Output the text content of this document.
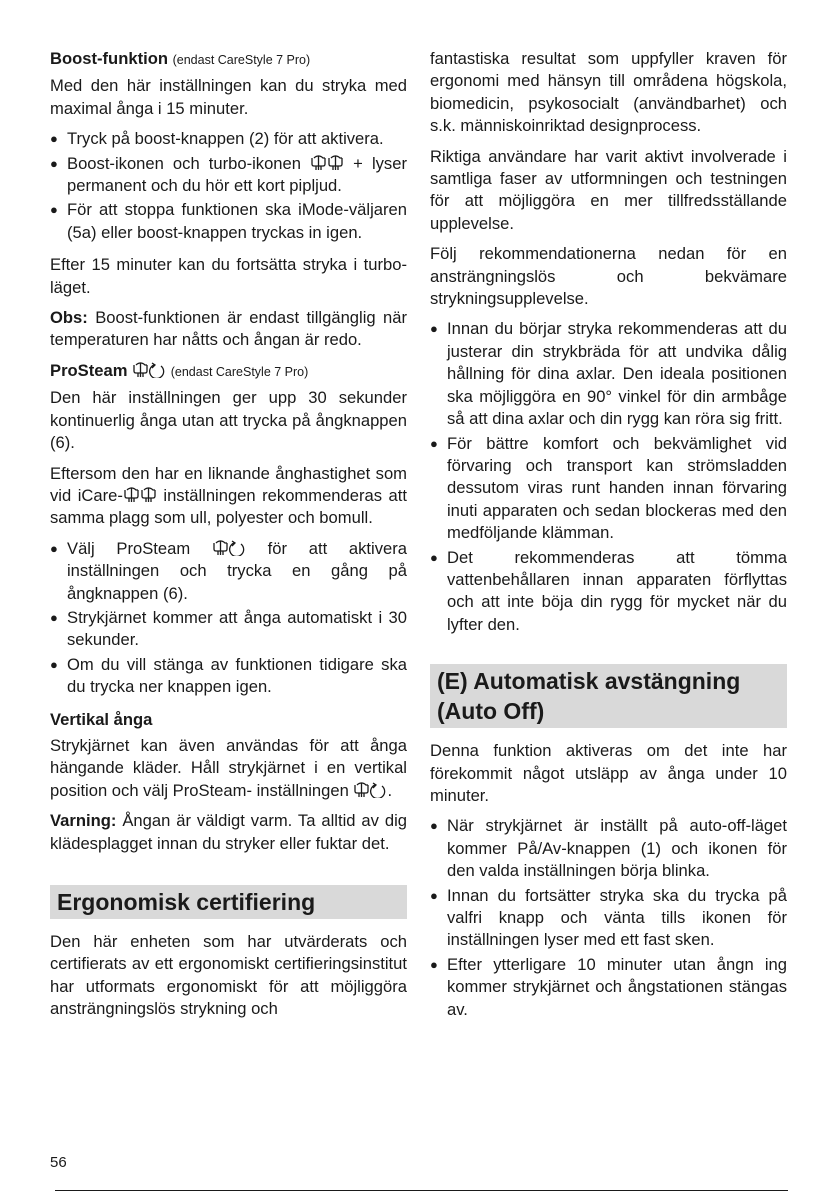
Boost-funktion (endast CareStyle 7 Pro)

Med den här inställningen kan du stryka med maximal ånga i 15 minuter.

● Tryck på boost-knappen (2) för att aktivera.
● Boost-ikonen och turbo-ikonen	+ lyser permanent och du hör ett kort pipljud.
● För att stoppa funktionen ska iMode-väljaren (5a) eller boost-knappen tryckas in igen.

Efter 15 minuter kan du fortsätta stryka i turbo-läget.

Obs: Boost-funktionen är endast tillgänglig när temperaturen har nåtts och ångan är redo.

ProSteam	(endast CareStyle 7 Pro)

Den här inställningen ger upp 30 sekunder kontinuerlig ånga utan att trycka på ångknappen (6).

Eftersom den har en liknande ånghastighet som vid iCare- inställningen rekommenderas att samma plagg som ull, polyester och bomull.

● Välj ProSteam	för att aktivera inställningen och trycka en gång på ångknappen (6).
● Strykjärnet kommer att ånga automatiskt i 30 sekunder.
● Om du vill stänga av funktionen tidigare ska du trycka ner knappen igen.

Vertikal ånga

Strykjärnet kan även användas för att ånga hängande kläder. Håll strykjärnet i en vertikal position och välj ProSteam- inställningen .

Varning: Ångan är väldigt varm. Ta alltid av dig klädesplagget innan du stryker eller fuktar det.

Ergonomisk certifiering

Den här enheten som har utvärderats och certifierats av ett ergonomiskt certifieringsinstitut har utformats ergonomiskt för att möjliggöra ansträngningslös strykning och

fantastiska resultat som uppfyller kraven för ergonomi med hänsyn till områdena högskola, biomedicin, psykosocialt (användbarhet) och s.k. människoinriktad designprocess.

Riktiga användare har varit aktivt involverade i samtliga faser av utformningen och testningen för att möjliggöra en mer tillfredsställande upplevelse.

Följ rekommendationerna nedan för en ansträngningslös och bekvämare strykningsupplevelse.

● Innan du börjar stryka rekommenderas att du justerar din strykbräda för att undvika dålig hållning för dina axlar. Den ideala positionen ska möjliggöra en 90° vinkel för din armbåge så att dina axlar och din rygg kan röra sig fritt.
● För bättre komfort och bekvämlighet vid förvaring och transport kan strömsladden dessutom viras runt handen innan förvaring inuti apparaten och sedan blockeras med den medföljande klämman.
● Det rekommenderas att tömma vattenbehållaren innan apparaten förflyttas och att inte böja din rygg för mycket när du lyfter den.
(E) Automatisk avstängning (Auto Off)

Denna funktion aktiveras om det inte har förekommit något utsläpp av ånga under 10 minuter.

● När strykjärnet är inställt på auto-off-läget kommer På/Av-knappen (1) och ikonen för den valda inställningen börja blinka.
● Innan du fortsätter stryka ska du trycka på valfri knapp och vänta tills ikonen för inställningen lyser med ett fast sken.
● Efter ytterligare 10 minuter utan ångn ing kommer strykjärnet och ångstationen stängas av.
56
